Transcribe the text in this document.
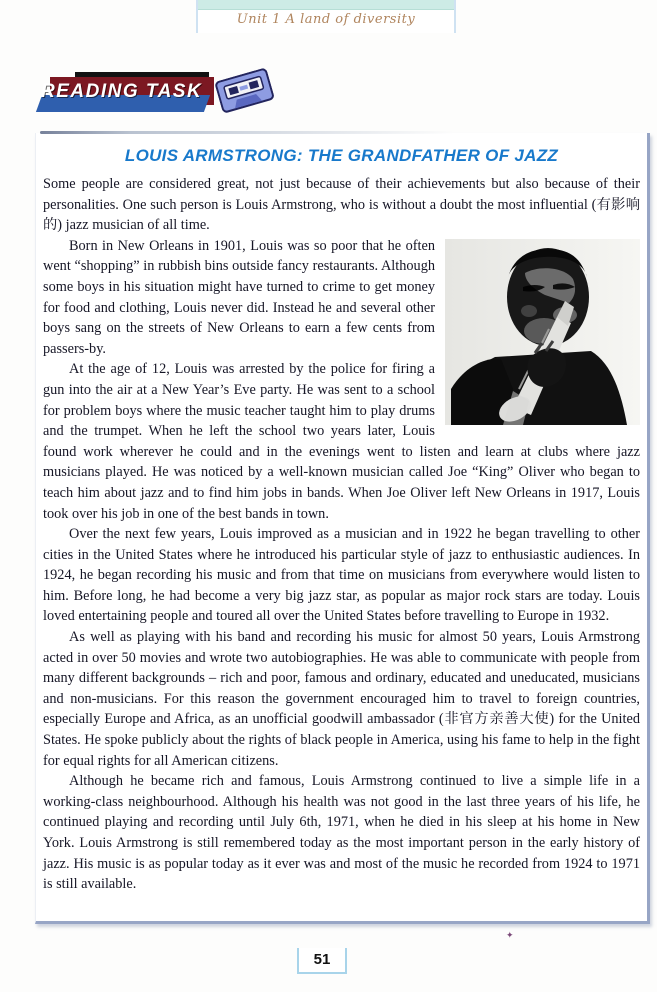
Unit 1 A land of diversity
READING TASK
LOUIS ARMSTRONG: THE GRANDFATHER OF JAZZ

Some people are considered great, not just because of their achievements but also because of their personalities. One such person is Louis Armstrong, who is without a doubt the most influential (有影响的) jazz musician of all time.

Born in New Orleans in 1901, Louis was so poor that he often went “shopping” in rubbish bins outside fancy restaurants. Although some boys in his situation might have turned to crime to get money for food and clothing, Louis never did. Instead he and several other boys sang on the streets of New Orleans to earn a few cents from passers-by.

At the age of 12, Louis was arrested by the police for firing a gun into the air at a New Year’s Eve party. He was sent to a school for problem boys where the music teacher taught him to play drums and the trumpet. When he left the school two years later, Louis found work wherever he could and in the evenings went to listen and learn at clubs where jazz musicians played. He was noticed by a well-known musician called Joe “King” Oliver who began to teach him about jazz and to find him jobs in bands. When Joe Oliver left New Orleans in 1917, Louis took over his job in one of the best bands in town.

Over the next few years, Louis improved as a musician and in 1922 he began travelling to other cities in the United States where he introduced his particular style of jazz to enthusiastic audiences. In 1924, he began recording his music and from that time on musicians from everywhere would listen to him. Before long, he had become a very big jazz star, as popular as major rock stars are today. Louis loved entertaining people and toured all over the United States before travelling to Europe in 1932.

As well as playing with his band and recording his music for almost 50 years, Louis Armstrong acted in over 50 movies and wrote two autobiographies. He was able to communicate with people from many different backgrounds – rich and poor, famous and ordinary, educated and uneducated, musicians and non-musicians. For this reason the government encouraged him to travel to foreign countries, especially Europe and Africa, as an unofficial goodwill ambassador (非官方亲善大使) for the United States. He spoke publicly about the rights of black people in America, using his fame to help in the fight for equal rights for all American citizens.

Although he became rich and famous, Louis Armstrong continued to live a simple life in a working-class neighbourhood. Although his health was not good in the last three years of his life, he continued playing and recording until July 6th, 1971, when he died in his sleep at his home in New York. Louis Armstrong is still remembered today as the most important person in the early history of jazz. His music is as popular today as it ever was and most of the music he recorded from 1924 to 1971 is still available.

✦
51
